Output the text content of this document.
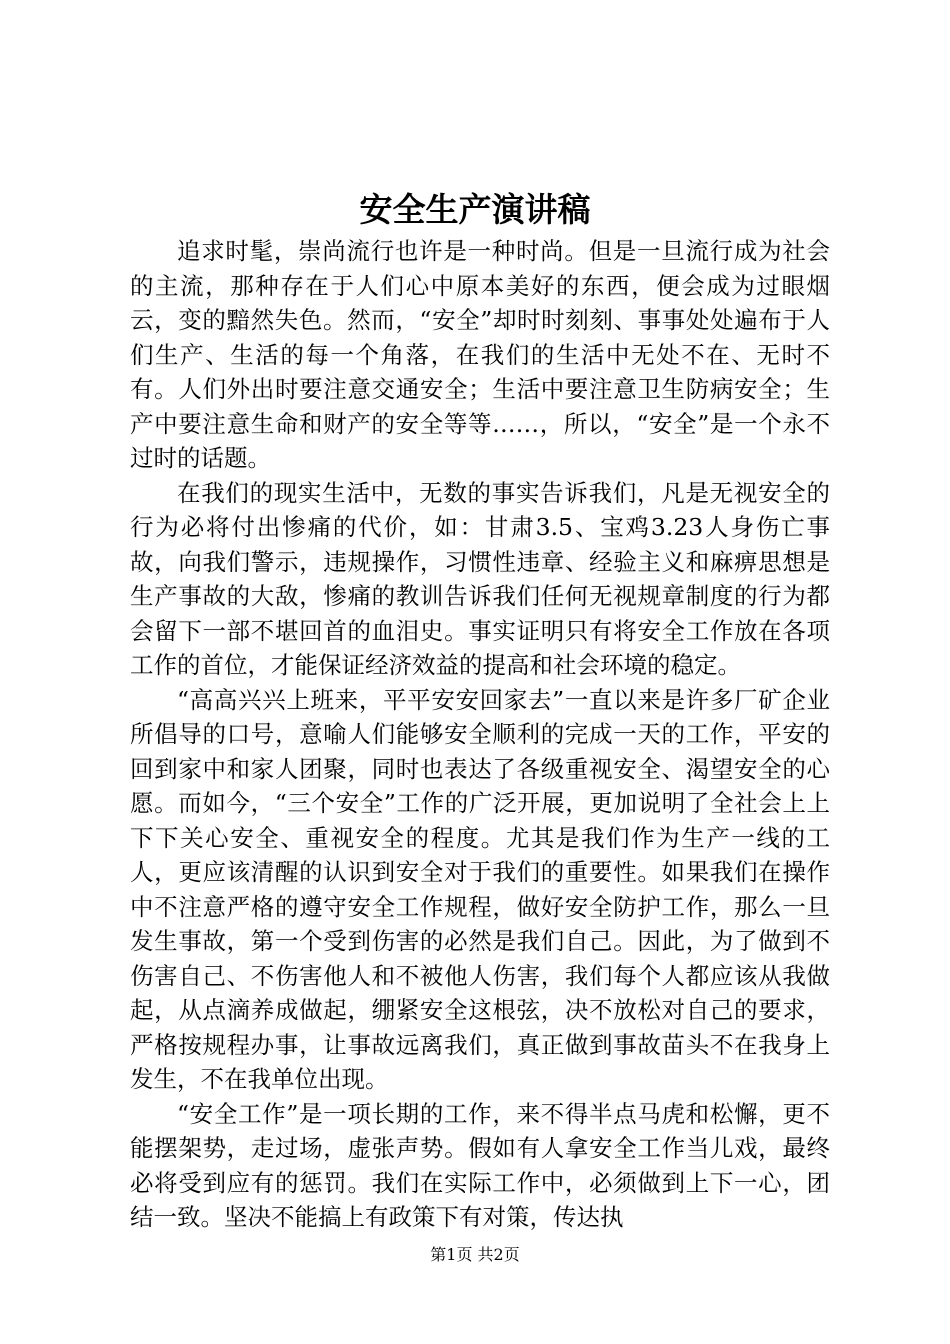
安全生产演讲稿

追求时髦，崇尚流行也许是一种时尚。但是一旦流行成为社会的主流，那种存在于人们心中原本美好的东西，便会成为过眼烟云，变的黯然失色。然而，“安全”却时时刻刻、事事处处遍布于人们生产、生活的每一个角落，在我们的生活中无处不在、无时不有。人们外出时要注意交通安全；生活中要注意卫生防病安全；生产中要注意生命和财产的安全等等……，所以，“安全”是一个永不过时的话题。

在我们的现实生活中，无数的事实告诉我们，凡是无视安全的行为必将付出惨痛的代价，如：甘肃3.5、宝鸡3.23人身伤亡事故，向我们警示，违规操作，习惯性违章、经验主义和麻痹思想是生产事故的大敌，惨痛的教训告诉我们任何无视规章制度的行为都会留下一部不堪回首的血泪史。事实证明只有将安全工作放在各项工作的首位，才能保证经济效益的提高和社会环境的稳定。

“高高兴兴上班来，平平安安回家去”一直以来是许多厂矿企业所倡导的口号，意喻人们能够安全顺利的完成一天的工作，平安的回到家中和家人团聚，同时也表达了各级重视安全、渴望安全的心愿。而如今，“三个安全”工作的广泛开展，更加说明了全社会上上下下关心安全、重视安全的程度。尤其是我们作为生产一线的工人，更应该清醒的认识到安全对于我们的重要性。如果我们在操作中不注意严格的遵守安全工作规程，做好安全防护工作，那么一旦发生事故，第一个受到伤害的必然是我们自己。因此，为了做到不伤害自己、不伤害他人和不被他人伤害，我们每个人都应该从我做起，从点滴养成做起，绷紧安全这根弦，决不放松对自己的要求，严格按规程办事，让事故远离我们，真正做到事故苗头不在我身上发生，不在我单位出现。

“安全工作”是一项长期的工作，来不得半点马虎和松懈，更不能摆架势，走过场，虚张声势。假如有人拿安全工作当儿戏，最终必将受到应有的惩罚。我们在实际工作中，必须做到上下一心，团结一致。坚决不能搞上有政策下有对策，传达执

第1页 共2页
